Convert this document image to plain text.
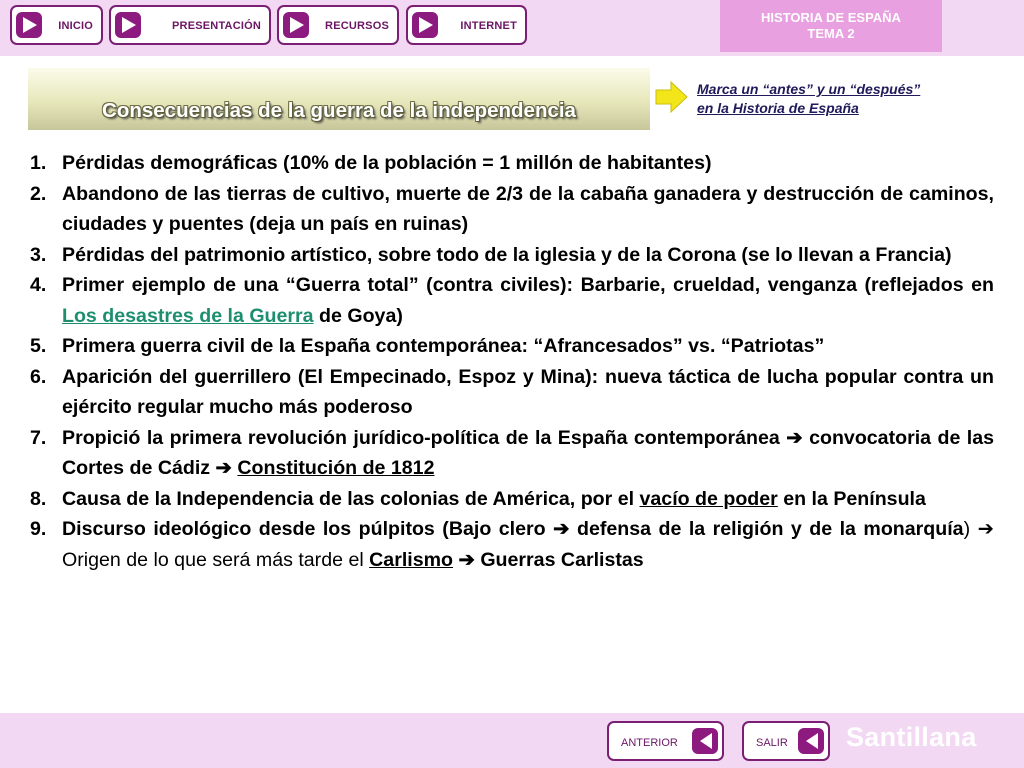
INICIO	PRESENTACIÓN	RECURSOS	INTERNET
HISTORIA DE ESPAÑA
TEMA 2
Consecuencias de la guerra de la independencia
Marca un “antes” y un “después”
en la Historia de España
1. Pérdidas demográficas (10% de la población = 1 millón de habitantes)
2. Abandono de las tierras de cultivo, muerte de 2/3 de la cabaña ganadera y destrucción de caminos, ciudades y puentes (deja un país en ruinas)
3. Pérdidas del patrimonio artístico, sobre todo de la iglesia y de la Corona (se lo llevan a Francia)
4. Primer ejemplo de una “Guerra total” (contra civiles): Barbarie, crueldad, venganza (reflejados en Los desastres de la Guerra de Goya)
5. Primera guerra civil de la España contemporánea: “Afrancesados” vs. “Patriotas”
6. Aparición del guerrillero (El Empecinado, Espoz y Mina): nueva táctica de lucha popular contra un ejército regular mucho más poderoso
7. Propició la primera revolución jurídico-política de la España contemporánea ➔ convocatoria de las Cortes de Cádiz ➔ Constitución de 1812
8. Causa de la Independencia de las colonias de América, por el vacío de poder en la Península
9. Discurso ideológico desde los púlpitos (Bajo clero ➔ defensa de la religión y de la monarquía) ➔ Origen de lo que será más tarde el Carlismo ➔ Guerras Carlistas
ANTERIOR	SALIR Santillana
